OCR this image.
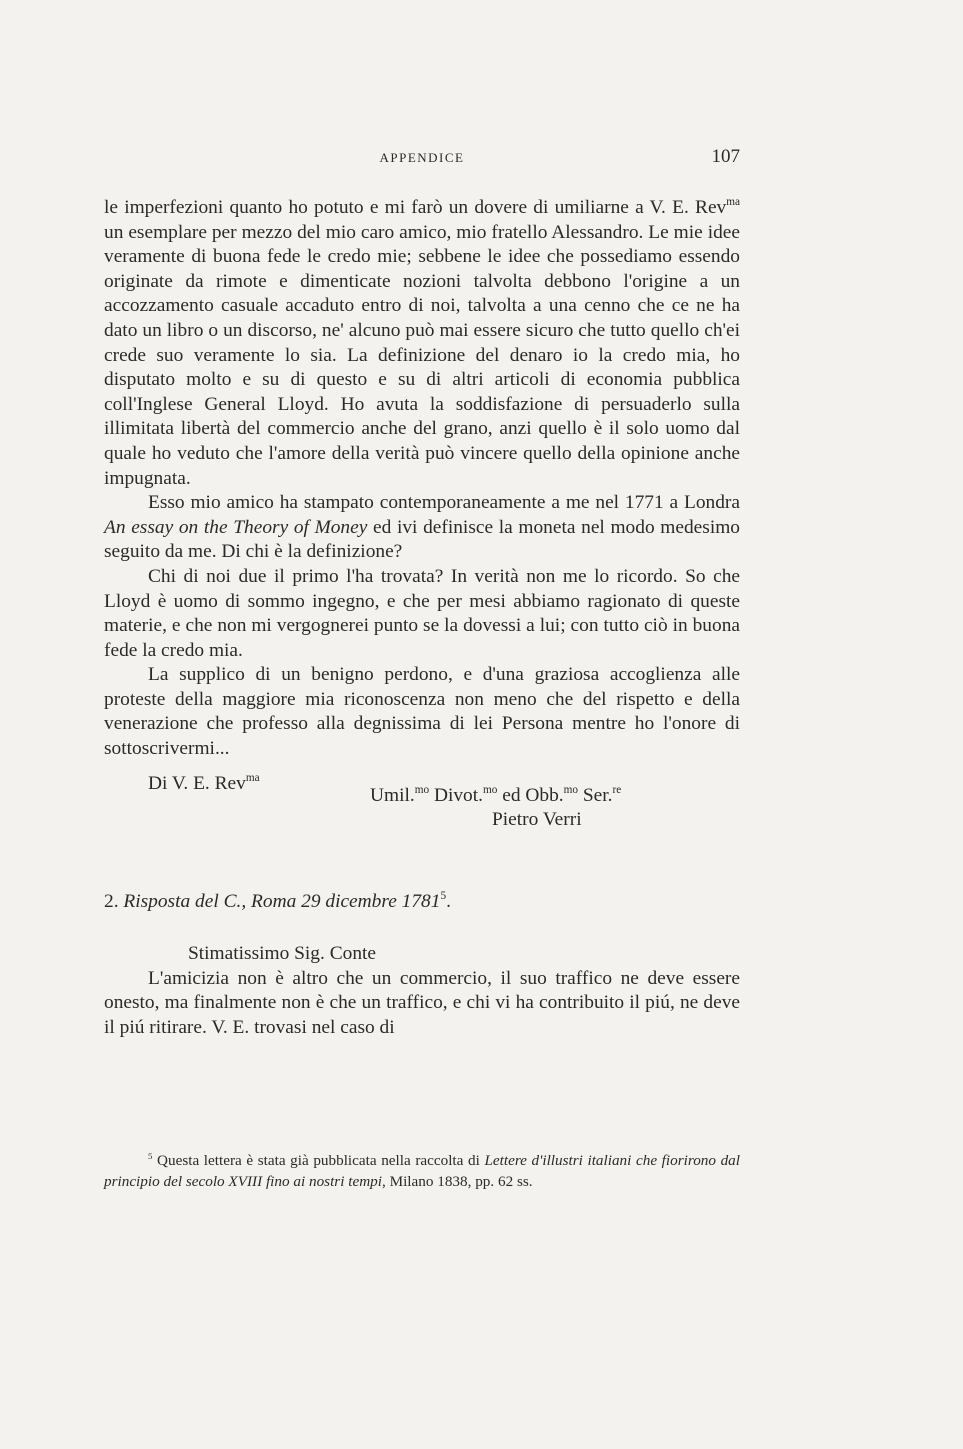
APPENDICE	107

le imperfezioni quanto ho potuto e mi farò un dovere di umiliarne a V. E. Rev$^{ma}$ un esemplare per mezzo del mio caro amico, mio fratello Alessandro. Le mie idee veramente di buona fede le credo mie; sebbene le idee che possediamo essendo originate da rimote e dimenticate nozioni talvolta debbono l'origine a un accozzamento casuale accaduto entro di noi, talvolta a una cenno che ce ne ha dato un libro o un discorso, ne' alcuno può mai essere sicuro che tutto quello ch'ei crede suo veramente lo sia. La definizione del denaro io la credo mia, ho disputato molto e su di questo e su di altri articoli di economia pubblica coll'Inglese General Lloyd. Ho avuta la soddisfazione di persuaderlo sulla illimitata libertà del commercio anche del grano, anzi quello è il solo uomo dal quale ho veduto che l'amore della verità può vincere quello della opinione anche impugnata.

Esso mio amico ha stampato contemporaneamente a me nel 1771 a Londra An essay on the Theory of Money ed ivi definisce la moneta nel modo medesimo seguito da me. Di chi è la definizione?

Chi di noi due il primo l'ha trovata? In verità non me lo ricordo. So che Lloyd è uomo di sommo ingegno, e che per mesi abbiamo ragionato di queste materie, e che non mi vergognerei punto se la dovessi a lui; con tutto ciò in buona fede la credo mia.

La supplico di un benigno perdono, e d'una graziosa accoglienza alle proteste della maggiore mia riconoscenza non meno che del rispetto e della venerazione che professo alla degnissima di lei Persona mentre ho l'onore di sottoscrivermi...

Di V. E. Rev$^{ma}$
Umil.$^{mo}$ Divot.$^{mo}$ ed Obb.$^{mo}$ Ser.$^{re}$
Pietro Verri
2. Risposta del C., Roma 29 dicembre 1781$^5$.
Stimatissimo Sig. Conte

L'amicizia non è altro che un commercio, il suo traffico ne deve essere onesto, ma finalmente non è che un traffico, e chi vi ha contribuito il piú, ne deve il piú ritirare. V. E. trovasi nel caso di

$^5$ Questa lettera è stata già pubblicata nella raccolta di Lettere d'illustri italiani che fiorirono dal principio del secolo XVIII fino ai nostri tempi, Milano 1838, pp. 62 ss.
